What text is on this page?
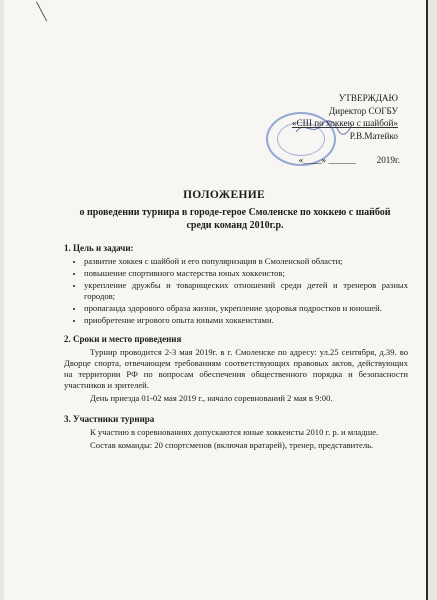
УТВЕРЖДАЮ
Директор СОГБУ
«СШ по хоккею с шайбой»
Р.В.Матейко
«____» ______ 2019г.
ПОЛОЖЕНИЕ
о проведении турнира в городе-герое Смоленске по хоккею с шайбой среди команд 2010г.р.
1. Цель и задачи:
• развитие хоккея с шайбой и его популяризация в Смоленской области;
• повышение спортивного мастерства юных хоккеистов;
• укрепление дружбы и товарищеских отношений среди детей и тренеров разных городов;
• пропаганда здорового образа жизни, укрепление здоровья подростков и юношей.
• приобретение игрового опыта юными хоккеистами.
2. Сроки и место проведения

Турнир проводится 2-3 мая 2019г. в г. Смоленске по адресу: ул.25 сентября, д.39. во Дворце спорта, отвечающем требованиям соответствующих правовых актов, действующих на территории РФ по вопросам обеспечения общественного порядка и безопасности участников и зрителей.

День приезда 01-02 мая 2019 г., начало соревнований 2 мая в 9:00.

3. Участники турнира

К участию в соревнованиях допускаются юные хоккеисты 2010 г. р. и младше.

Состав команды: 20 спортсменов (включая вратарей), тренер, представитель.
